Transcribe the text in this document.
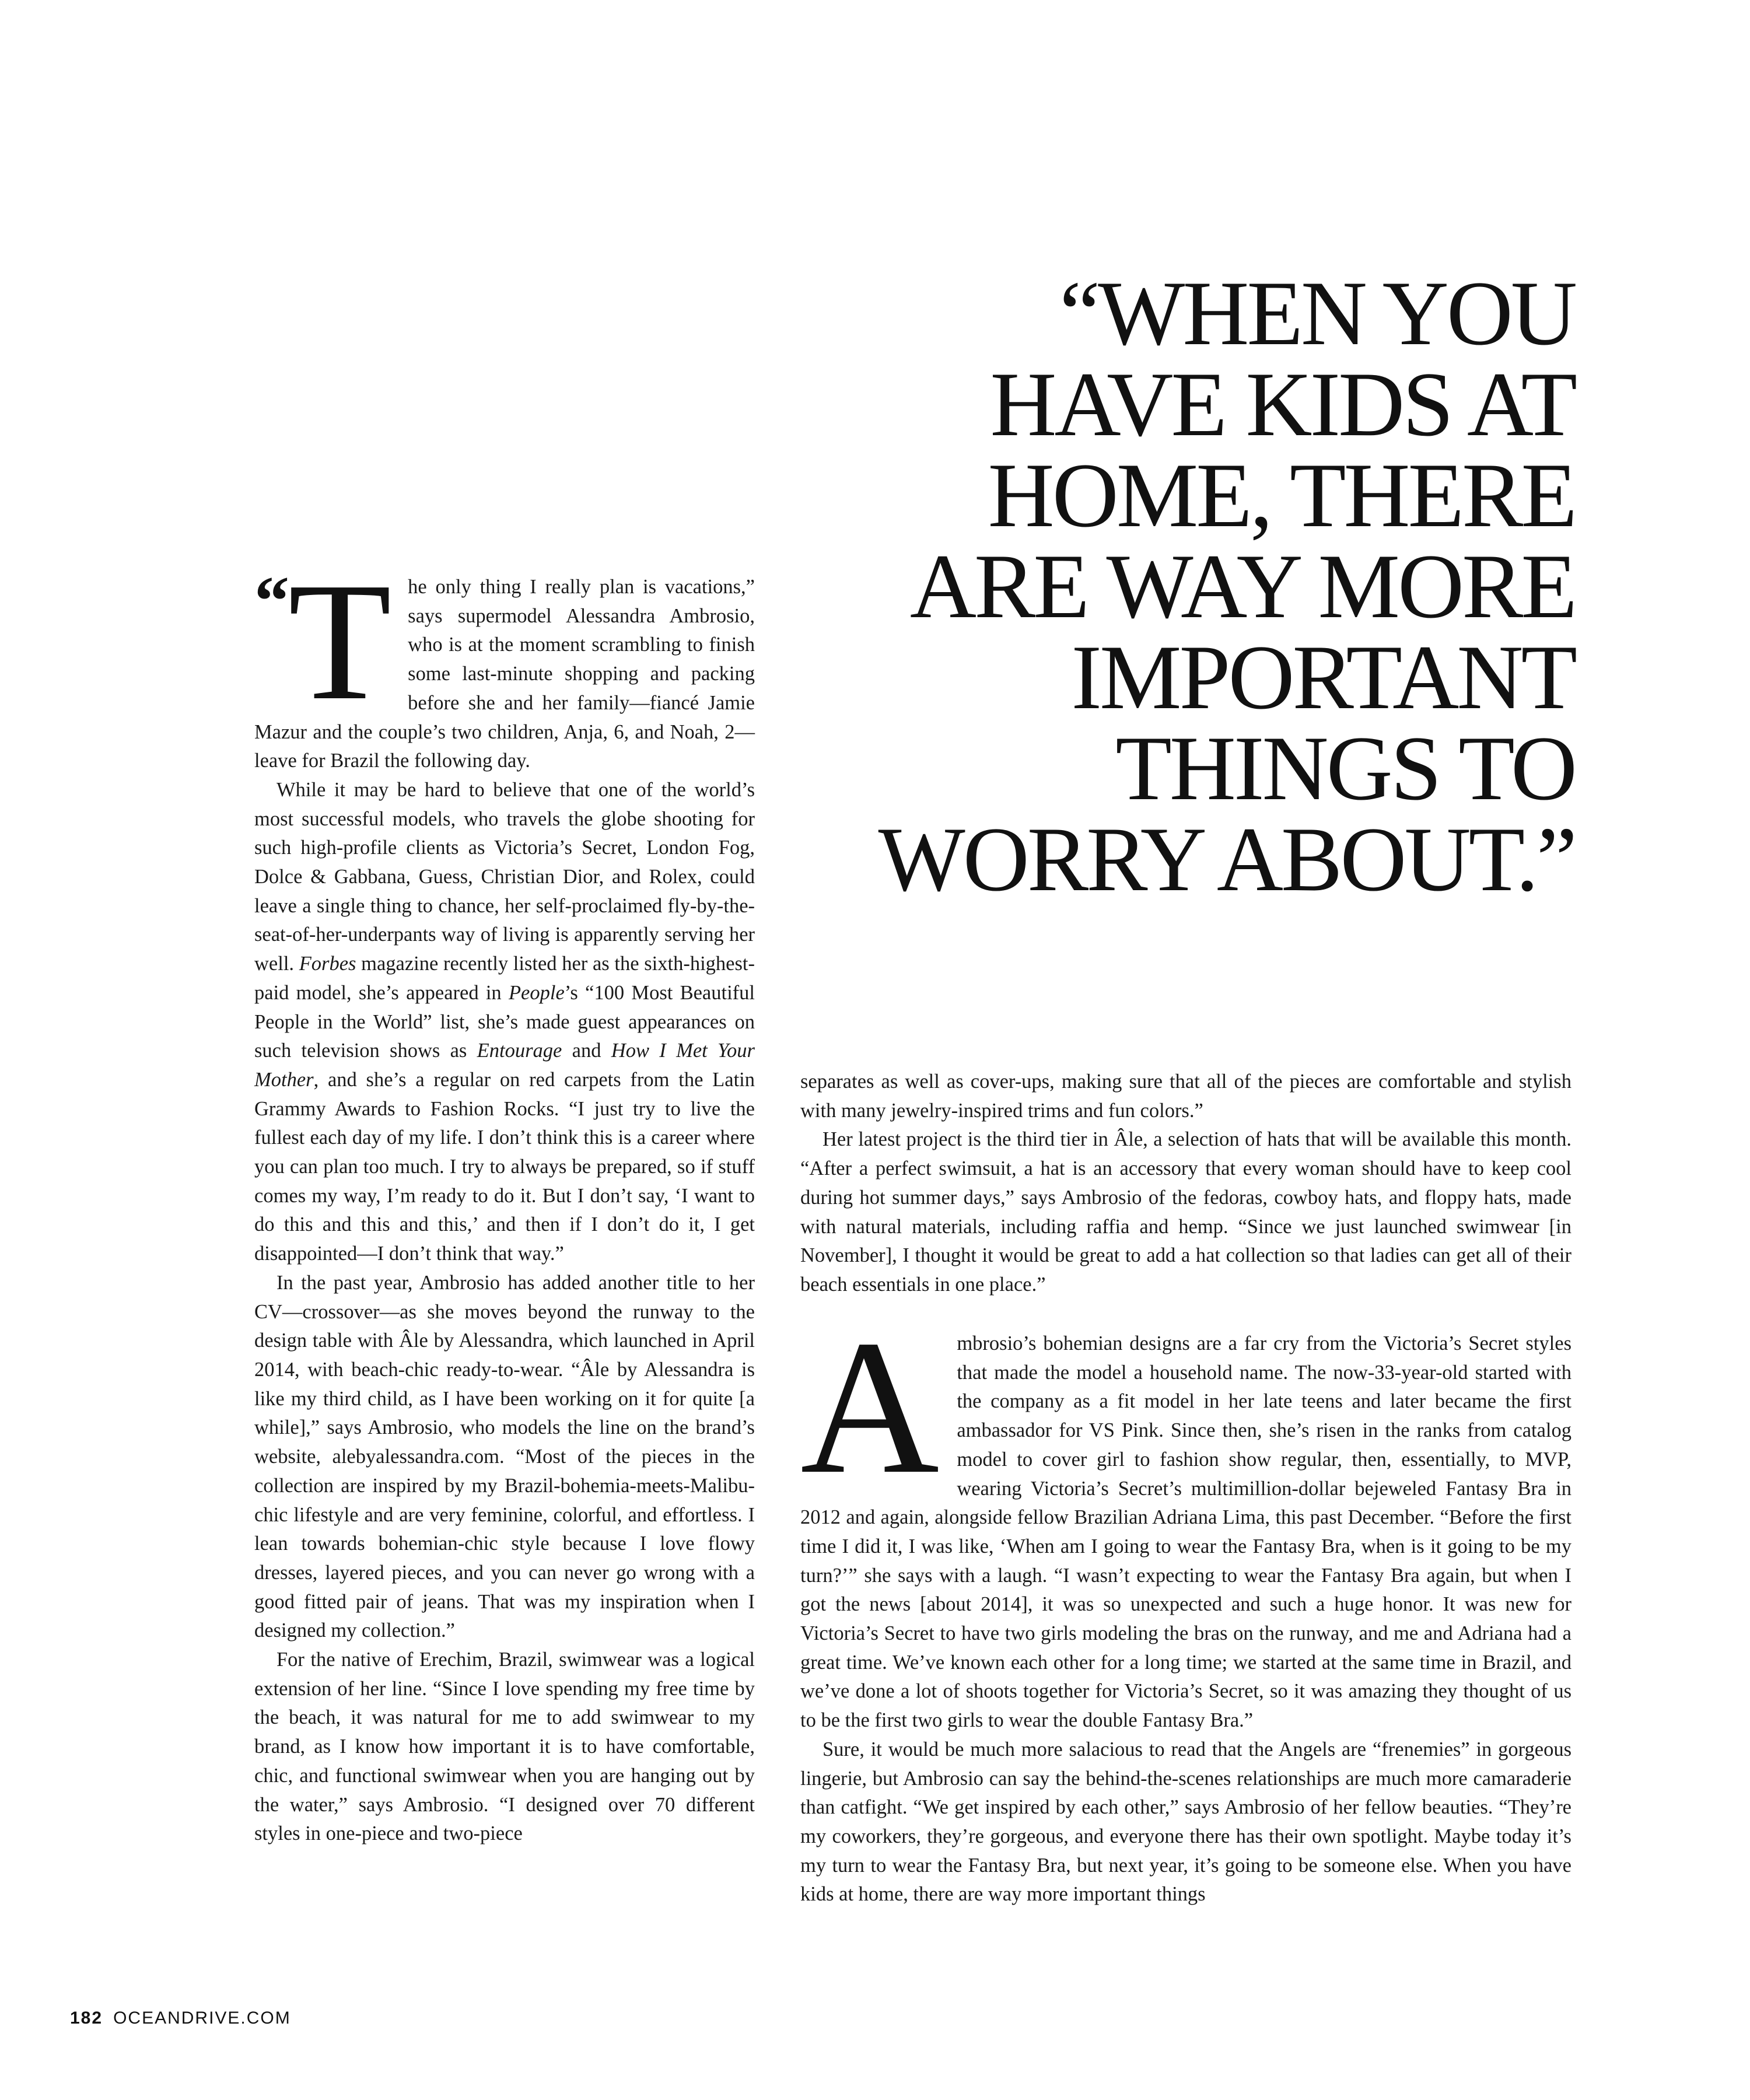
“WHEN YOU
HAVE KIDS AT
HOME, THERE
ARE WAY MORE
IMPORTANT
THINGS TO
WORRY ABOUT.”

“
T he only thing I really plan is vacations,” says supermodel Alessandra Ambrosio, who is at the moment scrambling to finish some last-minute shopping and packing before she and her family—fiancé Jamie Mazur and the couple’s two children, Anja, 6, and Noah, 2—leave for Brazil the following day.

While it may be hard to believe that one of the world’s most successful models, who travels the globe shooting for such high-profile clients as Victoria’s Secret, London Fog, Dolce & Gabbana, Guess, Christian Dior, and Rolex, could leave a single thing to chance, her self-proclaimed fly-by-the-seat-of-her-underpants way of living is apparently serving her well. Forbes magazine recently listed her as the sixth-highest-paid model, she’s appeared in People’s “100 Most Beautiful People in the World” list, she’s made guest appearances on such television shows as Entourage and How I Met Your Mother, and she’s a regular on red carpets from the Latin Grammy Awards to Fashion Rocks. “I just try to live the fullest each day of my life. I don’t think this is a career where you can plan too much. I try to always be prepared, so if stuff comes my way, I’m ready to do it. But I don’t say, ‘I want to do this and this and this,’ and then if I don’t do it, I get disappointed—I don’t think that way.”

In the past year, Ambrosio has added another title to her CV—crossover—as she moves beyond the runway to the design table with Âle by Alessandra, which launched in April 2014, with beach-chic ready-to-wear. “Âle by Alessandra is like my third child, as I have been working on it for quite [a while],” says Ambrosio, who models the line on the brand’s website, alebyalessandra.com. “Most of the pieces in the collection are inspired by my Brazil-bohemia-meets-Malibu-chic lifestyle and are very feminine, colorful, and effortless. I lean towards bohemian-chic style because I love flowy dresses, layered pieces, and you can never go wrong with a good fitted pair of jeans. That was my inspiration when I designed my collection.”

For the native of Erechim, Brazil, swimwear was a logical extension of her line. “Since I love spending my free time by the beach, it was natural for me to add swimwear to my brand, as I know how important it is to have comfortable, chic, and functional swimwear when you are hanging out by the water,” says Ambrosio. “I designed over 70 different styles in one-piece and two-piece

separates as well as cover-ups, making sure that all of the pieces are comfortable and stylish with many jewelry-inspired trims and fun colors.”

Her latest project is the third tier in Âle, a selection of hats that will be available this month. “After a perfect swimsuit, a hat is an accessory that every woman should have to keep cool during hot summer days,” says Ambrosio of the fedoras, cowboy hats, and floppy hats, made with natural materials, including raffia and hemp. “Since we just launched swimwear [in November], I thought it would be great to add a hat collection so that ladies can get all of their beach essentials in one place.”

Ambrosio’s bohemian designs are a far cry from the Victoria’s Secret styles that made the model a household name. The now-33-year-old started with the company as a fit model in her late teens and later became the first ambassador for VS Pink. Since then, she’s risen in the ranks from catalog model to cover girl to fashion show regular, then, essentially, to MVP, wearing Victoria’s Secret’s multimillion-dollar bejeweled Fantasy Bra in 2012 and again, alongside fellow Brazilian Adriana Lima, this past December. “Before the first time I did it, I was like, ‘When am I going to wear the Fantasy Bra, when is it going to be my turn?’” she says with a laugh. “I wasn’t expecting to wear the Fantasy Bra again, but when I got the news [about 2014], it was so unexpected and such a huge honor. It was new for Victoria’s Secret to have two girls modeling the bras on the runway, and me and Adriana had a great time. We’ve known each other for a long time; we started at the same time in Brazil, and we’ve done a lot of shoots together for Victoria’s Secret, so it was amazing they thought of us to be the first two girls to wear the double Fantasy Bra.”

Sure, it would be much more salacious to read that the Angels are “frenemies” in gorgeous lingerie, but Ambrosio can say the behind-the-scenes relationships are much more camaraderie than catfight. “We get inspired by each other,” says Ambrosio of her fellow beauties. “They’re my coworkers, they’re gorgeous, and everyone there has their own spotlight. Maybe today it’s my turn to wear the Fantasy Bra, but next year, it’s going to be someone else. When you have kids at home, there are way more important things

182 OCEANDRIVE.COM
